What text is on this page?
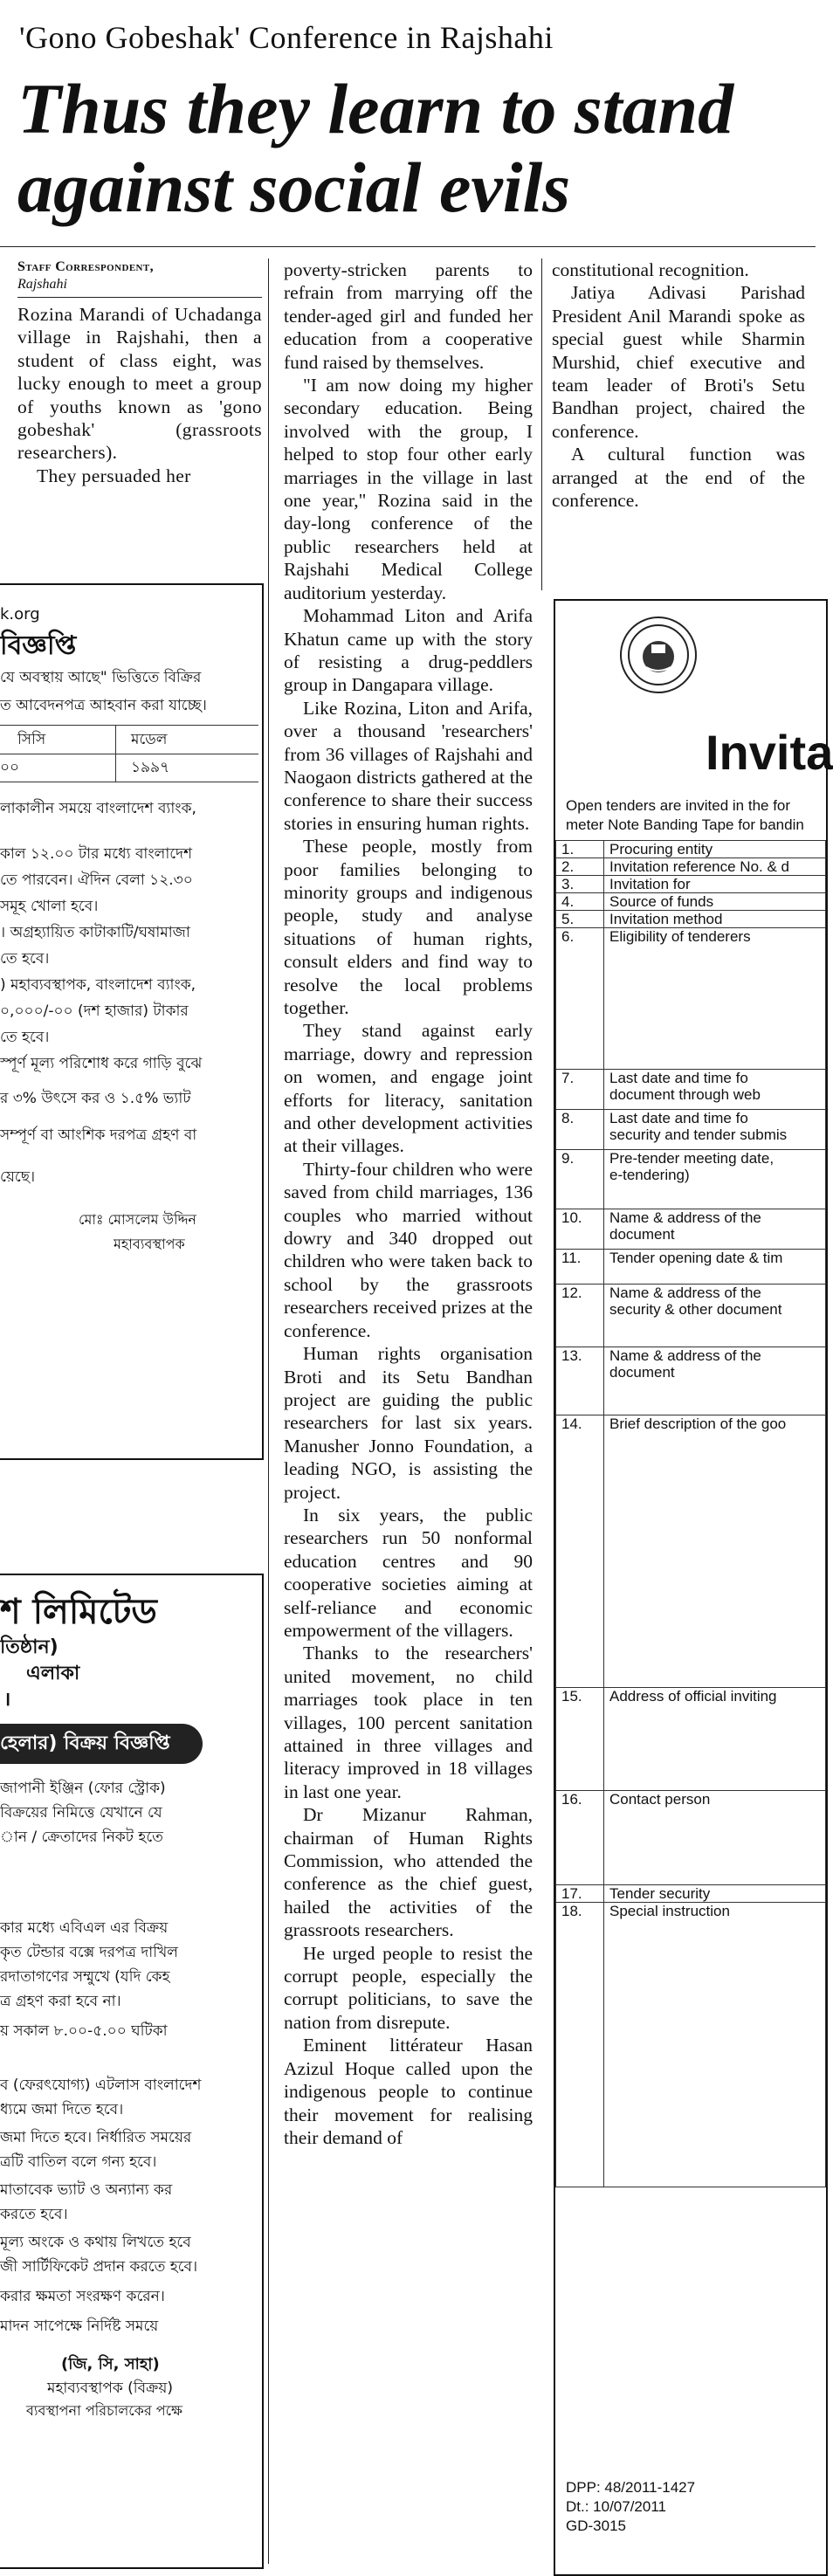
'Gono Gobeshak' Conference in Rajshahi
Thus they learn to stand
against social evils
Staff Correspondent,
Rajshahi

Rozina Marandi of Uchadanga village in Rajshahi, then a student of class eight, was lucky enough to meet a group of youths known as 'gono gobeshak' (grassroots researchers).

They persuaded her

k.org
বিজ্ঞপ্তি
যে অবস্থায় আছে" ভিত্তিতে বিক্রির
ত আবেদনপত্র আহবান করা যাচ্ছে।
সিসি	মডেল
০০	১৯৯৭
লাকালীন সময়ে বাংলাদেশ ব্যাংক,
কাল ১২.০০ টার মধ্যে বাংলাদেশ
তে পারবেন। ঐদিন বেলা ১২.৩০
সমূহ খোলা হবে।
। অগ্রহ্যায়িত কাটাকাটি/ঘষামাজা
তে হবে।
) মহাব্যবস্থাপক, বাংলাদেশ ব্যাংক,
০,০০০/-০০ (দশ হাজার) টাকার
তে হবে।
স্পূর্ণ মূল্য পরিশোধ করে গাড়ি বুঝে
র ৩% উৎসে কর ও ১.৫% ভ্যাট
সম্পূর্ণ বা আংশিক দরপত্র গ্রহণ বা
য়েছে।
মোঃ মোসলেম উদ্দিন
মহাব্যবস্থাপক
শ লিমিটেড
তিষ্ঠান)
এলাকা
।
হেলার) বিক্রয় বিজ্ঞপ্তি
জাপানী ইঞ্জিন (ফোর স্ট্রোক)
বিক্রয়ের নিমিত্তে যেখানে যে
ান / ক্রেতাদের নিকট হতে
কার মধ্যে এবিএল এর বিক্রয়
কৃত টেন্ডার বক্সে দরপত্র দাখিল
রদাতাগণের সম্মুখে (যদি কেহ
ত্র গ্রহণ করা হবে না।
য় সকাল ৮.০০-৫.০০ ঘটিকা
ব (ফেরৎযোগ্য) এটলাস বাংলাদেশ
ধ্যমে জমা দিতে হবে।
জমা দিতে হবে। নির্ধারিত সময়ের
ত্রটি বাতিল বলে গন্য হবে।
মাতাবেক ভ্যাট ও অন্যান্য কর
করতে হবে।
মূল্য অংকে ও কথায় লিখতে হবে
জী সার্টিফিকেট প্রদান করতে হবে।
করার ক্ষমতা সংরক্ষণ করেন।
মাদন সাপেক্ষে নির্দিষ্ট সময়ে
(জি, সি, সাহা)
মহাব্যবস্থাপক (বিক্রয়)
ব্যবস্থাপনা পরিচালকের পক্ষে

poverty-stricken parents to refrain from marrying off the tender-aged girl and funded her education from a cooperative fund raised by themselves.

"I am now doing my higher secondary education. Being involved with the group, I helped to stop four other early marriages in the village in last one year," Rozina said in the day-long conference of the public researchers held at Rajshahi Medical College auditorium yesterday.

Mohammad Liton and Arifa Khatun came up with the story of resisting a drug-peddlers group in Dangapara village.

Like Rozina, Liton and Arifa, over a thousand 'researchers' from 36 villages of Rajshahi and Naogaon districts gathered at the conference to share their success stories in ensuring human rights.

These people, mostly from poor families belonging to minority groups and indigenous people, study and analyse situations of human rights, consult elders and find way to resolve the local problems together.

They stand against early marriage, dowry and repression on women, and engage joint efforts for literacy, sanitation and other development activities at their villages.

Thirty-four children who were saved from child marriages, 136 couples who married without dowry and 340 dropped out children who were taken back to school by the grassroots researchers received prizes at the conference.

Human rights organisation Broti and its Setu Bandhan project are guiding the public researchers for last six years. Manusher Jonno Foundation, a leading NGO, is assisting the project.

In six years, the public researchers run 50 nonformal education centres and 90 cooperative societies aiming at self-reliance and economic empowerment of the villagers.

Thanks to the researchers' united movement, no child marriages took place in ten villages, 100 percent sanitation attained in three villages and literacy improved in 18 villages in last one year.

Dr Mizanur Rahman, chairman of Human Rights Commission, who attended the conference as the chief guest, hailed the activities of the grassroots researchers.

He urged people to resist the corrupt people, especially the corrupt politicians, to save the nation from disrepute.

Eminent littérateur Hasan Azizul Hoque called upon the indigenous people to continue their movement for realising their demand of

constitutional recognition.

Jatiya Adivasi Parishad President Anil Marandi spoke as special guest while Sharmin Murshid, chief executive and team leader of Broti's Setu Bandhan project, chaired the conference.

A cultural function was arranged at the end of the conference.

Invita
Open tenders are invited in the for
meter Note Banding Tape for bandin
1.	Procuring entity
2.	Invitation reference No. & d
3.	Invitation for
4.	Source of funds
5.	Invitation method
6.	Eligibility of tenderers
7.	Last date and time fo
document through web
8.	Last date and time fo
security and tender submis
9.	Pre-tender meeting date,
e-tendering)
10.	Name & address of the
document
11.	Tender opening date & tim
12.	Name & address of the
security & other document
13.	Name & address of the
document
14.	Brief description of the goo
15.	Address of official inviting
16.	Contact person
17.	Tender security
18.	Special instruction
DPP: 48/2011-1427
Dt.: 10/07/2011
GD-3015
